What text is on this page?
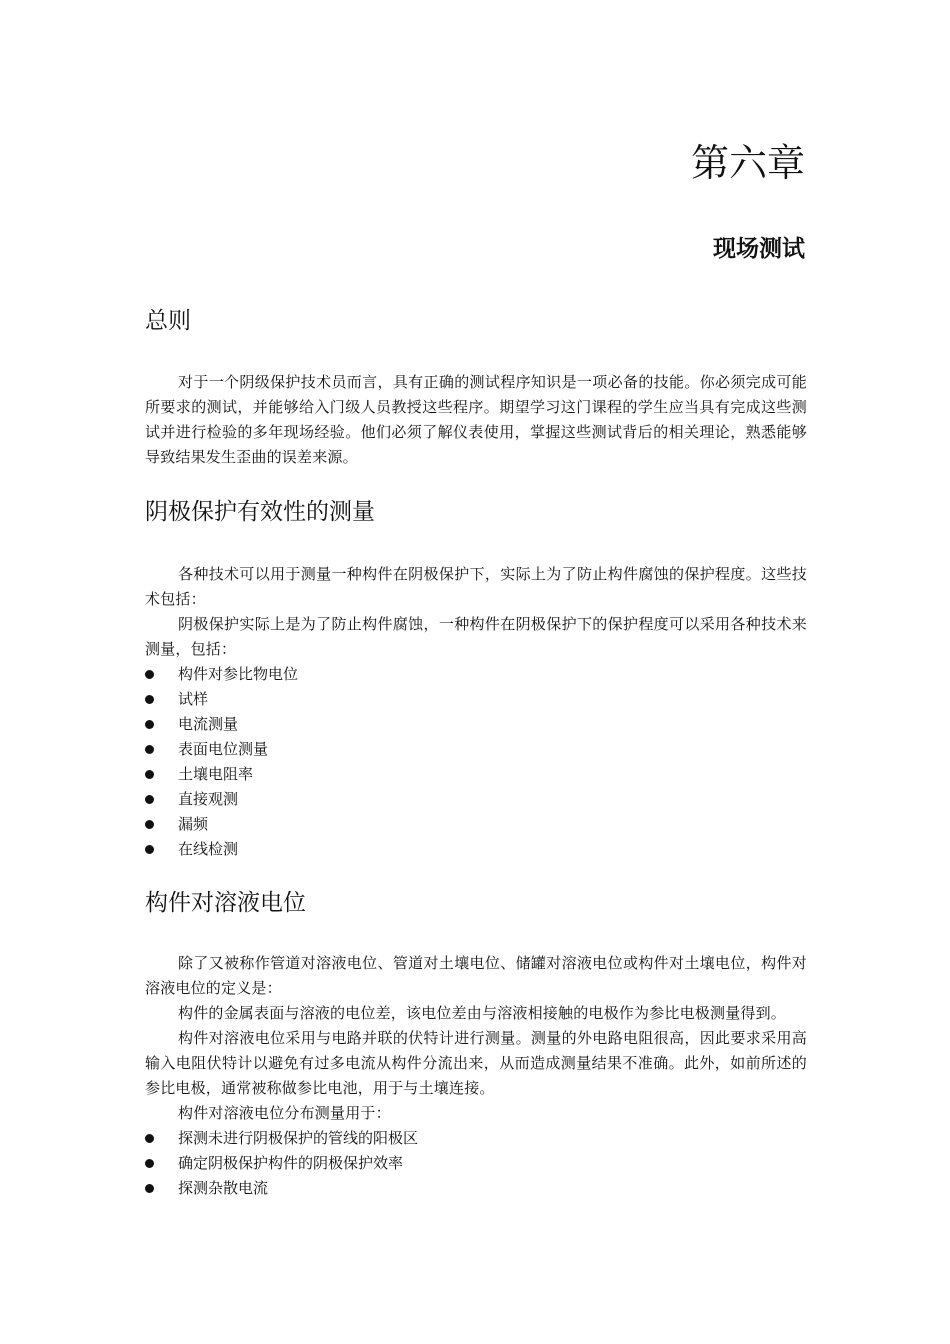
第六章
现场测试
总则

对于一个阴级保护技术员而言，具有正确的测试程序知识是一项必备的技能。你必须完成可能所要求的测试，并能够给入门级人员教授这些程序。期望学习这门课程的学生应当具有完成这些测试并进行检验的多年现场经验。他们必须了解仪表使用，掌握这些测试背后的相关理论，熟悉能够导致结果发生歪曲的误差来源。

阴极保护有效性的测量

各种技术可以用于测量一种构件在阴极保护下，实际上为了防止构件腐蚀的保护程度。这些技术包括：

阴极保护实际上是为了防止构件腐蚀，一种构件在阴极保护下的保护程度可以采用各种技术来测量，包括：

构件对参比物电位
试样
电流测量
表面电位测量
土壤电阻率
直接观测
漏频
在线检测
构件对溶液电位

除了又被称作管道对溶液电位、管道对土壤电位、储罐对溶液电位或构件对土壤电位，构件对溶液电位的定义是：

构件的金属表面与溶液的电位差，该电位差由与溶液相接触的电极作为参比电极测量得到。

构件对溶液电位采用与电路并联的伏特计进行测量。测量的外电路电阻很高，因此要求采用高输入电阻伏特计以避免有过多电流从构件分流出来，从而造成测量结果不准确。此外，如前所述的参比电极，通常被称做参比电池，用于与土壤连接。

构件对溶液电位分布测量用于：

探测未进行阴极保护的管线的阳极区
确定阴极保护构件的阴极保护效率
探测杂散电流
